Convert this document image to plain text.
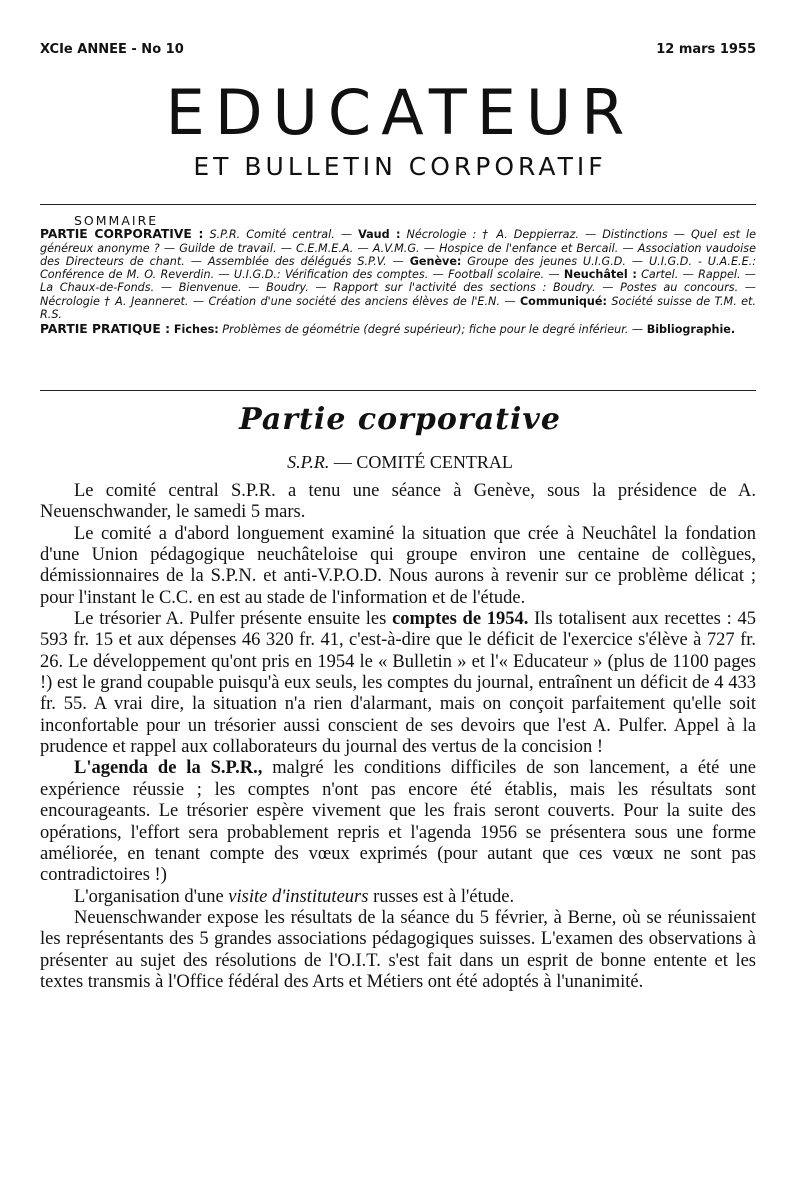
XCIe ANNEE - No 10	12 mars 1955
EDUCATEUR
ET BULLETIN CORPORATIF
SOMMAIRE
PARTIE CORPORATIVE : S.P.R. Comité central. — Vaud : Nécrologie : † A. Deppierraz. — Distinctions — Quel est le généreux anonyme ? — Guilde de travail. — C.E.M.E.A. — A.V.M.G. — Hospice de l'enfance et Bercail. — Association vaudoise des Directeurs de chant. — Assemblée des délégués S.P.V. — Genève: Groupe des jeunes U.I.G.D. — U.I.G.D. - U.A.E.E.: Conférence de M. O. Reverdin. — U.I.G.D.: Vérification des comptes. — Football scolaire. — Neuchâtel : Cartel. — Rappel. — La Chaux-de-Fonds. — Bienvenue. — Boudry. — Rapport sur l'activité des sections : Boudry. — Postes au concours. — Nécrologie † A. Jeanneret. — Création d'une société des anciens élèves de l'E.N. — Communiqué: Société suisse de T.M. et. R.S.
PARTIE PRATIQUE : Fiches: Problèmes de géométrie (degré supérieur); fiche pour le degré inférieur. — Bibliographie.
Partie corporative
S.P.R. — COMITÉ CENTRAL

Le comité central S.P.R. a tenu une séance à Genève, sous la présidence de A. Neuenschwander, le samedi 5 mars.

Le comité a d'abord longuement examiné la situation que crée à Neuchâtel la fondation d'une Union pédagogique neuchâteloise qui groupe environ une centaine de collègues, démissionnaires de la S.P.N. et anti-V.P.O.D. Nous aurons à revenir sur ce problème délicat ; pour l'instant le C.C. en est au stade de l'information et de l'étude.

Le trésorier A. Pulfer présente ensuite les comptes de 1954. Ils totalisent aux recettes : 45 593 fr. 15 et aux dépenses 46 320 fr. 41, c'est-à-dire que le déficit de l'exercice s'élève à 727 fr. 26. Le développement qu'ont pris en 1954 le « Bulletin » et l'« Educateur » (plus de 1100 pages !) est le grand coupable puisqu'à eux seuls, les comptes du journal, entraînent un déficit de 4 433 fr. 55. A vrai dire, la situation n'a rien d'alarmant, mais on conçoit parfaitement qu'elle soit inconfortable pour un trésorier aussi conscient de ses devoirs que l'est A. Pulfer. Appel à la prudence et rappel aux collaborateurs du journal des vertus de la concision !

L'agenda de la S.P.R., malgré les conditions difficiles de son lancement, a été une expérience réussie ; les comptes n'ont pas encore été établis, mais les résultats sont encourageants. Le trésorier espère vivement que les frais seront couverts. Pour la suite des opérations, l'effort sera probablement repris et l'agenda 1956 se présentera sous une forme améliorée, en tenant compte des vœux exprimés (pour autant que ces vœux ne sont pas contradictoires !)

L'organisation d'une visite d'instituteurs russes est à l'étude.

Neuenschwander expose les résultats de la séance du 5 février, à Berne, où se réunissaient les représentants des 5 grandes associations pédagogiques suisses. L'examen des observations à présenter au sujet des résolutions de l'O.I.T. s'est fait dans un esprit de bonne entente et les textes transmis à l'Office fédéral des Arts et Métiers ont été adoptés à l'unanimité.
